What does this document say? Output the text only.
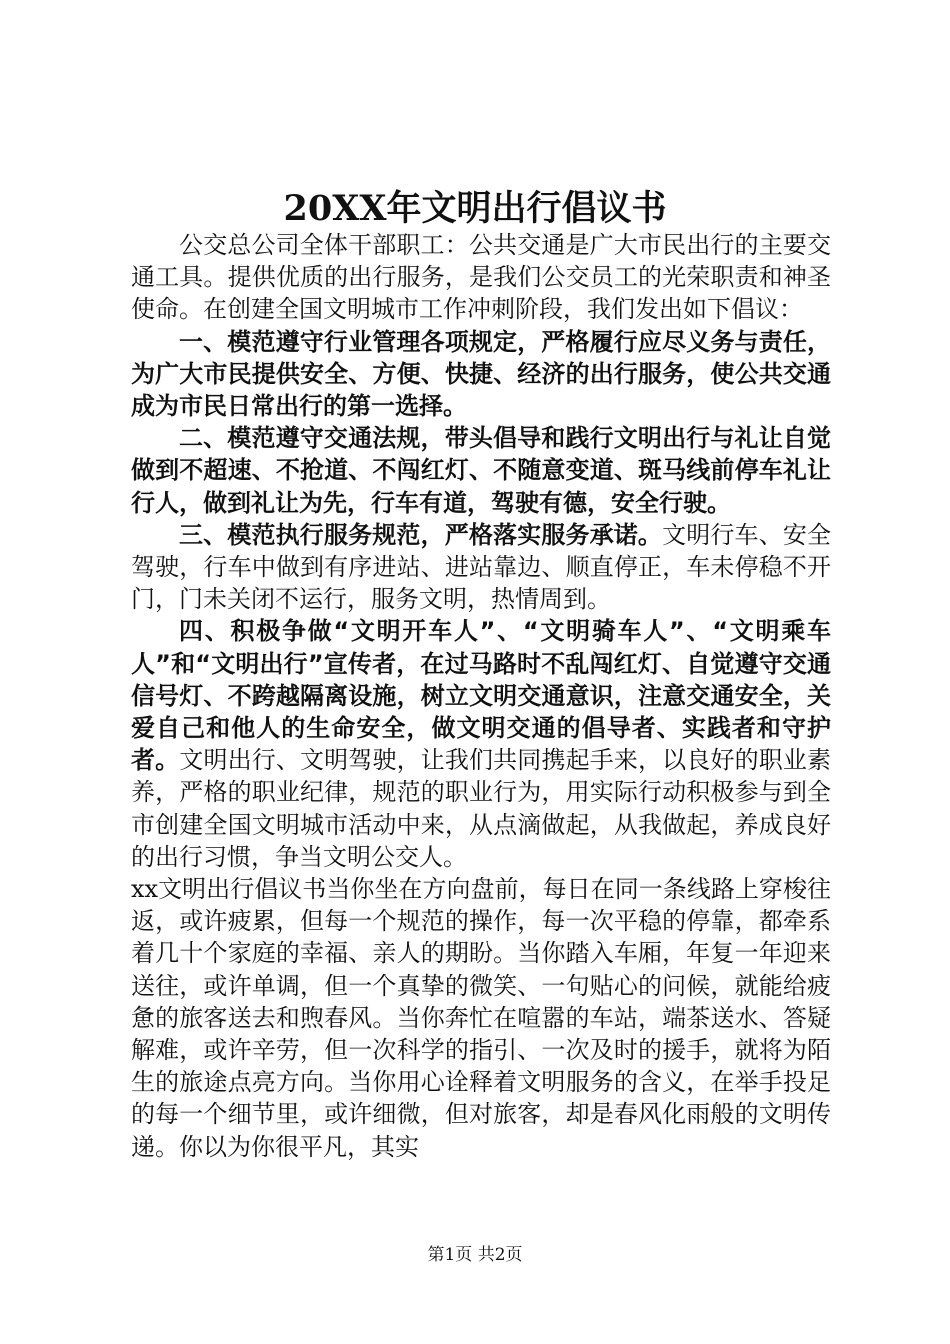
20XX年文明出行倡议书

公交总公司全体干部职工：公共交通是广大市民出行的主要交通工具。提供优质的出行服务，是我们公交员工的光荣职责和神圣使命。在创建全国文明城市工作冲刺阶段，我们发出如下倡议：

一、模范遵守行业管理各项规定，严格履行应尽义务与责任，为广大市民提供安全、方便、快捷、经济的出行服务，使公共交通成为市民日常出行的第一选择。

二、模范遵守交通法规，带头倡导和践行文明出行与礼让自觉做到不超速、不抢道、不闯红灯、不随意变道、斑马线前停车礼让行人，做到礼让为先，行车有道，驾驶有德，安全行驶。

三、模范执行服务规范，严格落实服务承诺。文明行车、安全驾驶，行车中做到有序进站、进站靠边、顺直停正，车未停稳不开门，门未关闭不运行，服务文明，热情周到。

四、积极争做“文明开车人”、“文明骑车人”、“文明乘车人”和“文明出行”宣传者，在过马路时不乱闯红灯、自觉遵守交通信号灯、不跨越隔离设施，树立文明交通意识，注意交通安全，关爱自己和他人的生命安全，做文明交通的倡导者、实践者和守护者。文明出行、文明驾驶，让我们共同携起手来，以良好的职业素养，严格的职业纪律，规范的职业行为，用实际行动积极参与到全市创建全国文明城市活动中来，从点滴做起，从我做起，养成良好的出行习惯，争当文明公交人。

xx文明出行倡议书当你坐在方向盘前，每日在同一条线路上穿梭往返，或许疲累，但每一个规范的操作，每一次平稳的停靠，都牵系着几十个家庭的幸福、亲人的期盼。当你踏入车厢，年复一年迎来送往，或许单调，但一个真挚的微笑、一句贴心的问候，就能给疲惫的旅客送去和煦春风。当你奔忙在喧嚣的车站，端茶送水、答疑解难，或许辛劳，但一次科学的指引、一次及时的援手，就将为陌生的旅途点亮方向。当你用心诠释着文明服务的含义，在举手投足的每一个细节里，或许细微，但对旅客，却是春风化雨般的文明传递。你以为你很平凡，其实

第1页 共2页
